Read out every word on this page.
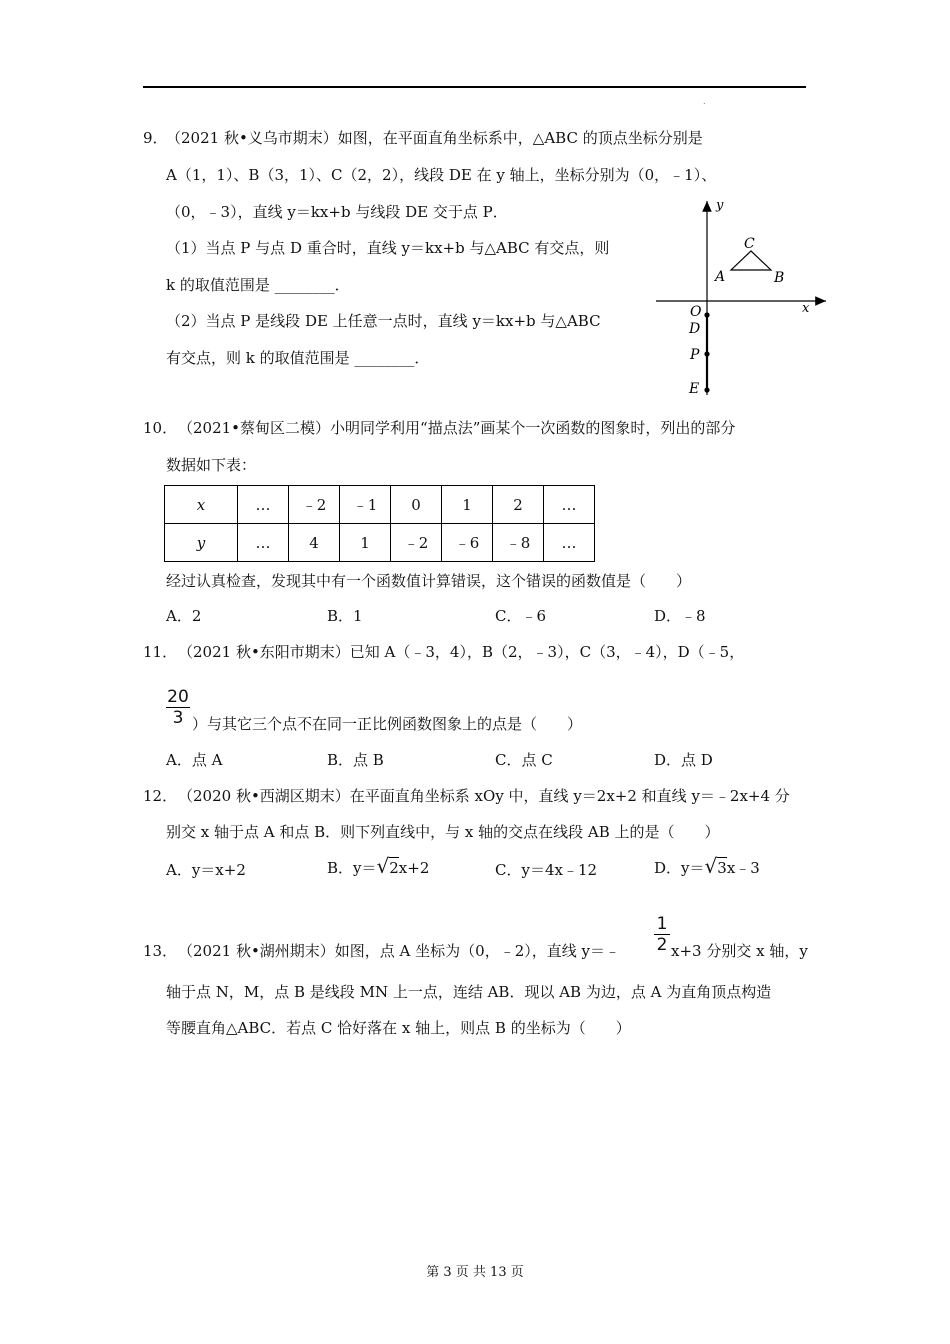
.
9．
（2021 秋•义乌市期末）如图，在平面直角坐标系中，△ABC 的顶点坐标分别是
A（1，1）、B（3，1）、C（2，2），线段 DE 在 y 轴上，坐标分别为（0，﹣1）、
（0，﹣3），直线 y＝kx+b 与线段 DE 交于点 P．
（1）当点 P 与点 D 重合时，直线 y＝kx+b 与△ABC 有交点，则
k 的取值范围是 ________．
（2）当点 P 是线段 DE 上任意一点时，直线 y＝kx+b 与△ABC
有交点，则 k 的取值范围是 ________．
y
x
O
A	B
C
D
P
E
10． （2021•蔡甸区二模）小明同学利用“描点法”画某个一次函数的图象时，列出的部分
数据如下表：
x	…	﹣2	﹣1	0	1	2	…
y	…	4	1	﹣2	﹣6	﹣8	…
经过认真检查，发现其中有一个函数值计算错误，这个错误的函数值是（　　）
A．2	B．1	C．﹣6	D．﹣8
11． （2021 秋•东阳市期末）已知 A（﹣3，4），B（2，﹣3），C（3，﹣4），D（﹣5，
20
3 ）与其它三个点不在同一正比例函数图象上的点是（　　）
A．点 A	B．点 B	C．点 C	D．点 D
12． （2020 秋•西湖区期末）在平面直角坐标系 xOy 中，直线 y＝2x+2 和直线 y＝﹣2x+4 分
别交 x 轴于点 A 和点 B．则下列直线中，与 x 轴的交点在线段 AB 上的是（　　）
A．y＝x+2	B．y＝√2x+2	C．y＝4x﹣12	D．y＝√3x﹣3
13． （2021 秋•湖州期末）如图，点 A 坐标为（0，﹣2），直线 y＝﹣
1
2 x+3 分别交 x 轴，y
轴于点 N，M，点 B 是线段 MN 上一点，连结 AB．现以 AB 为边，点 A 为直角顶点构造
等腰直角△ABC．若点 C 恰好落在 x 轴上，则点 B 的坐标为（　　）
第 3 页 共 13 页
